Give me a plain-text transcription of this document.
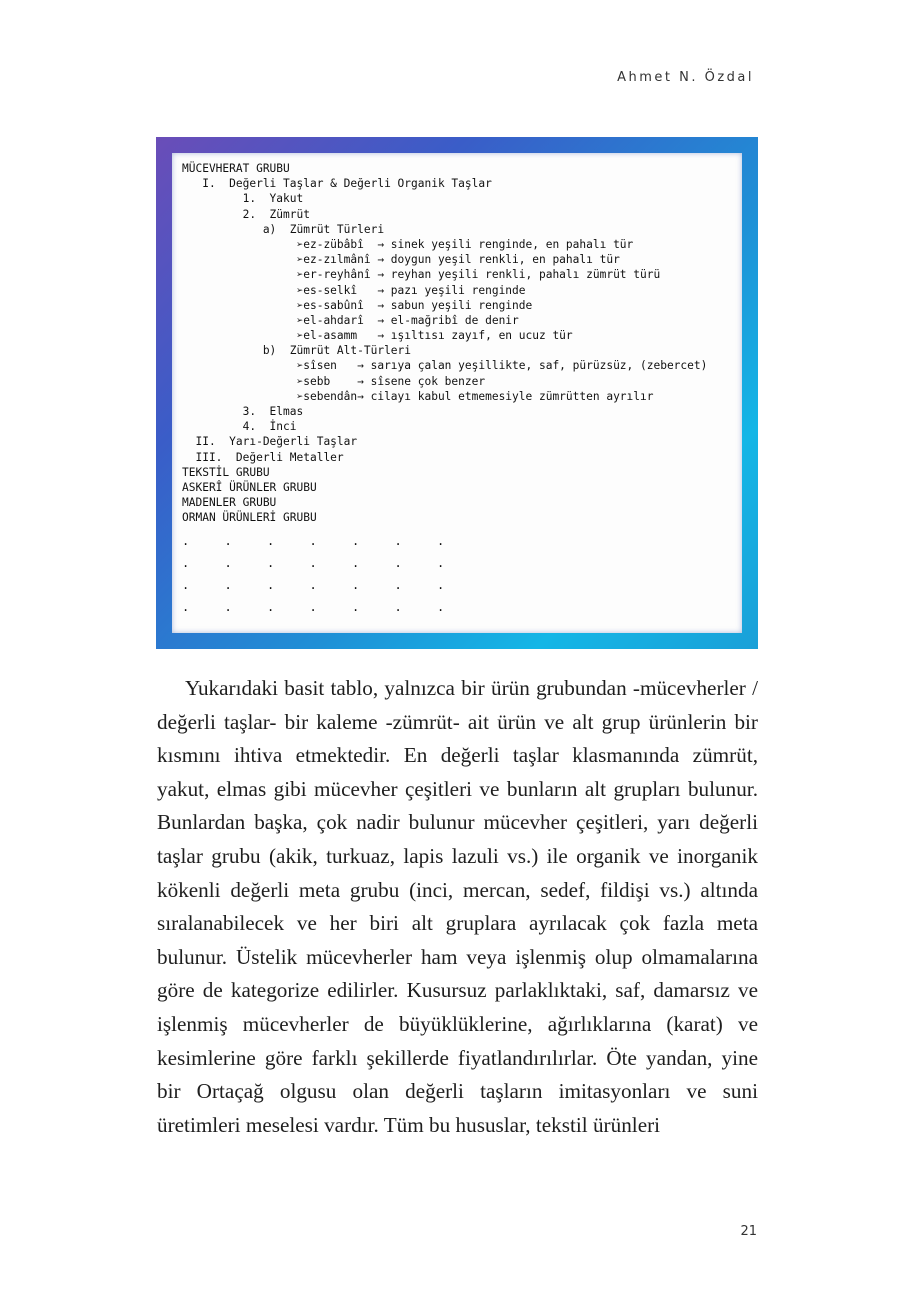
Ahmet N. Özdal
MÜCEVHERAT GRUBU
I.  Değerli Taşlar & Değerli Organik Taşlar
1.  Yakut
2.  Zümrüt
a)  Zümrüt Türleri
➢ez-zübâbî  → sinek yeşili renginde, en pahalı tür
➢ez-zılmânî → doygun yeşil renkli, en pahalı tür
➢er-reyhânî → reyhan yeşili renkli, pahalı zümrüt türü
➢es-selkî   → pazı yeşili renginde
➢es-sabûnî  → sabun yeşili renginde
➢el-ahdarî  → el-mağribî de denir
➢el-asamm   → ışıltısı zayıf, en ucuz tür
b)  Zümrüt Alt-Türleri
➢sîsen   → sarıya çalan yeşillikte, saf, pürüzsüz, (zebercet)
➢sebb    → sîsene çok benzer
➢sebendân→ cilayı kabul etmemesiyle zümrütten ayrılır
3.  Elmas
4.  İnci
II.  Yarı-Değerli Taşlar
III.  Değerli Metaller
TEKSTİL GRUBU
ASKERÎ ÜRÜNLER GRUBU
MADENLER GRUBU
ORMAN ÜRÜNLERİ GRUBU
.	.	.	.	.	.	.
.	.	.	.	.	.	.
.	.	.	.	.	.	.
.	.	.	.	.	.	.

Yukarıdaki basit tablo, yalnızca bir ürün grubundan -mücevherler / değerli taşlar- bir kaleme -zümrüt- ait ürün ve alt grup ürünlerin bir kısmını ihtiva etmektedir. En değerli taşlar klasmanında zümrüt, yakut, elmas gibi mücevher çeşitleri ve bunların alt grupları bulunur. Bunlardan başka, çok nadir bulunur mücevher çeşitleri, yarı değerli taşlar grubu (akik, turkuaz, lapis lazuli vs.) ile organik ve inorganik kökenli değerli meta grubu (inci, mercan, sedef, fildişi vs.) altında sıralanabilecek ve her biri alt gruplara ayrılacak çok fazla meta bulunur. Üstelik mücevherler ham veya işlenmiş olup olmamalarına göre de kategorize edilirler. Kusursuz parlaklıktaki, saf, damarsız ve işlenmiş mücevherler de büyüklüklerine, ağırlıklarına (karat) ve kesimlerine göre farklı şekillerde fiyatlandırılırlar. Öte yandan, yine bir Ortaçağ olgusu olan değerli taşların imitasyonları ve suni üretimleri meselesi vardır. Tüm bu hususlar, tekstil ürünleri

21
